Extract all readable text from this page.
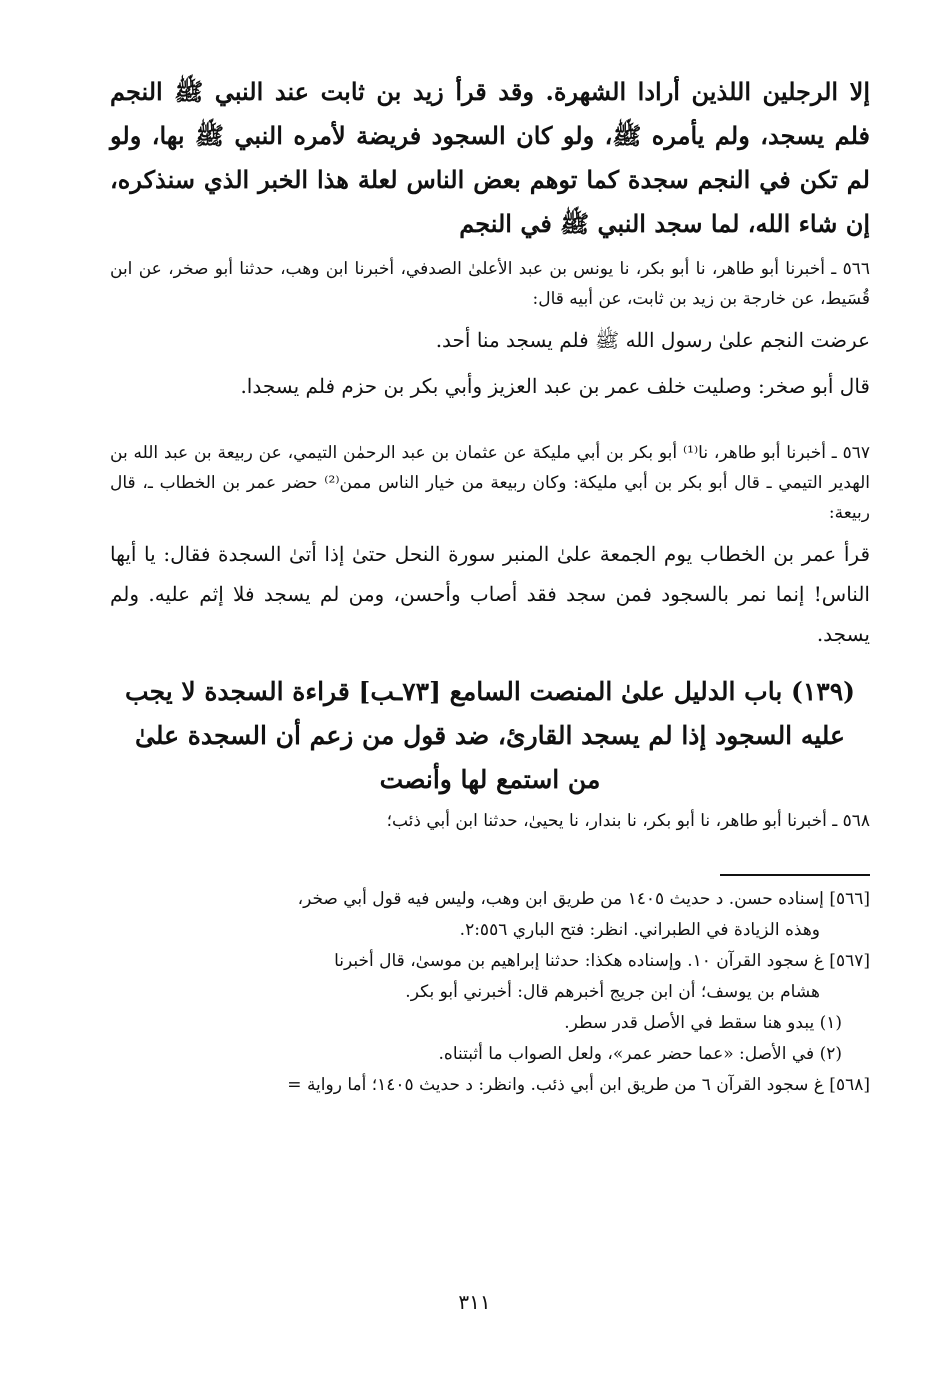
إلا الرجلين اللذين أرادا الشهرة. وقد قرأ زيد بن ثابت عند النبي ﷺ النجم فلم يسجد، ولم يأمره ﷺ، ولو كان السجود فريضة لأمره النبي ﷺ بها، ولو لم تكن في النجم سجدة كما توهم بعض الناس لعلة هذا الخبر الذي سنذكره، إن شاء الله، لما سجد النبي ﷺ في النجم

٥٦٦ ـ أخبرنا أبو طاهر، نا أبو بكر، نا يونس بن عبد الأعلىٰ الصدفي، أخبرنا ابن وهب، حدثنا أبو صخر، عن ابن قُسَيط، عن خارجة بن زيد بن ثابت، عن أبيه قال:

عرضت النجم علىٰ رسول الله ﷺ فلم يسجد منا أحد.

قال أبو صخر: وصليت خلف عمر بن عبد العزيز وأبي بكر بن حزم فلم يسجدا.

٥٦٧ ـ أخبرنا أبو طاهر، نا⁽¹⁾ أبو بكر بن أبي مليكة عن عثمان بن عبد الرحمٰن التيمي، عن ربيعة بن عبد الله بن الهدير التيمي ـ قال أبو بكر بن أبي مليكة: وكان ربيعة من خيار الناس ممن⁽²⁾ حضر عمر بن الخطاب ـ، قال ربيعة:

قرأ عمر بن الخطاب يوم الجمعة علىٰ المنبر سورة النحل حتىٰ إذا أتىٰ السجدة فقال: يا أيها الناس! إنما نمر بالسجود فمن سجد فقد أصاب وأحسن، ومن لم يسجد فلا إثم عليه. ولم يسجد.

(١٣٩) باب الدليل علىٰ المنصت السامع [٧٣ـب] قراءة السجدة لا يجب عليه السجود إذا لم يسجد القارئ، ضد قول من زعم أن السجدة علىٰ من استمع لها وأنصت

٥٦٨ ـ أخبرنا أبو طاهر، نا أبو بكر، نا بندار، نا يحيىٰ، حدثنا ابن أبي ذئب؛

[٥٦٦] إسناده حسن. د حديث ١٤٠٥ من طريق ابن وهب، وليس فيه قول أبي صخر،

وهذه الزيادة في الطبراني. انظر: فتح الباري ٢:٥٥٦.

[٥٦٧] غ سجود القرآن ١٠. وإسناده هكذا: حدثنا إبراهيم بن موسىٰ، قال أخبرنا

هشام بن يوسف؛ أن ابن جريج أخبرهم قال: أخبرني أبو بكر.

(١) يبدو هنا سقط في الأصل قدر سطر.

(٢) في الأصل: «عما حضر عمر»، ولعل الصواب ما أثبتناه.

[٥٦٨] غ سجود القرآن ٦ من طريق ابن أبي ذئب. وانظر: د حديث ١٤٠٥؛ أما رواية =

٣١١
